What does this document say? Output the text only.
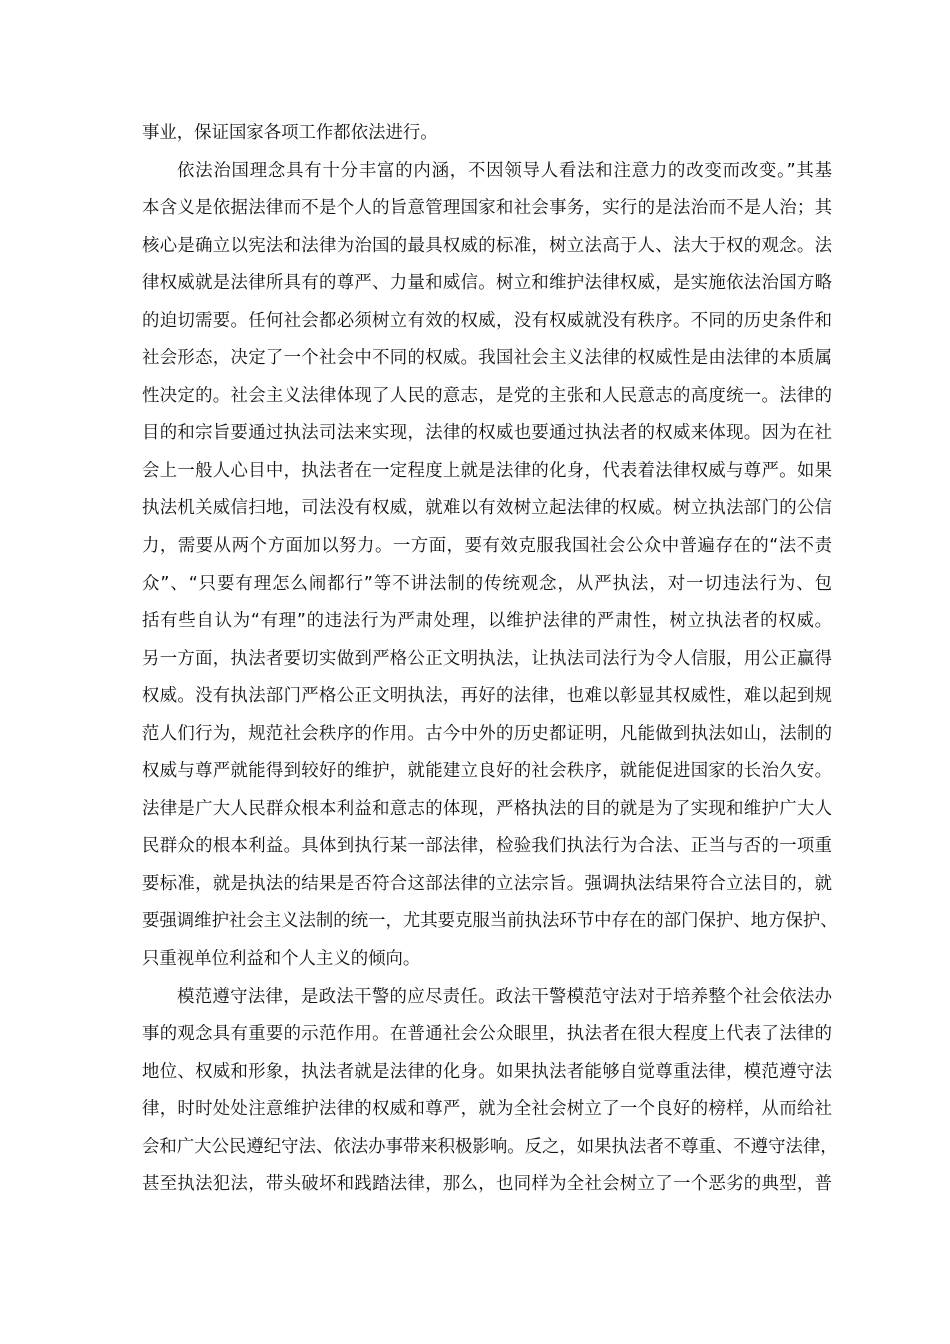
事业，保证国家各项工作都依法进行。
依法治国理念具有十分丰富的内涵，不因领导人看法和注意力的改变而改变。”其基
本含义是依据法律而不是个人的旨意管理国家和社会事务，实行的是法治而不是人治；其
核心是确立以宪法和法律为治国的最具权威的标准，树立法高于人、法大于权的观念。法
律权威就是法律所具有的尊严、力量和威信。树立和维护法律权威，是实施依法治国方略
的迫切需要。任何社会都必须树立有效的权威，没有权威就没有秩序。不同的历史条件和
社会形态，决定了一个社会中不同的权威。我国社会主义法律的权威性是由法律的本质属
性决定的。社会主义法律体现了人民的意志，是党的主张和人民意志的高度统一。法律的
目的和宗旨要通过执法司法来实现，法律的权威也要通过执法者的权威来体现。因为在社
会上一般人心目中，执法者在一定程度上就是法律的化身，代表着法律权威与尊严。如果
执法机关威信扫地，司法没有权威，就难以有效树立起法律的权威。树立执法部门的公信
力，需要从两个方面加以努力。一方面，要有效克服我国社会公众中普遍存在的“法不责
众”、“只要有理怎么闹都行”等不讲法制的传统观念，从严执法，对一切违法行为、包
括有些自认为“有理”的违法行为严肃处理，以维护法律的严肃性，树立执法者的权威。
另一方面，执法者要切实做到严格公正文明执法，让执法司法行为令人信服，用公正赢得
权威。没有执法部门严格公正文明执法，再好的法律，也难以彰显其权威性，难以起到规
范人们行为，规范社会秩序的作用。古今中外的历史都证明，凡能做到执法如山，法制的
权威与尊严就能得到较好的维护，就能建立良好的社会秩序，就能促进国家的长治久安。
法律是广大人民群众根本利益和意志的体现，严格执法的目的就是为了实现和维护广大人
民群众的根本利益。具体到执行某一部法律，检验我们执法行为合法、正当与否的一项重
要标准，就是执法的结果是否符合这部法律的立法宗旨。强调执法结果符合立法目的，就
要强调维护社会主义法制的统一，尤其要克服当前执法环节中存在的部门保护、地方保护、
只重视单位利益和个人主义的倾向。
模范遵守法律，是政法干警的应尽责任。政法干警模范守法对于培养整个社会依法办
事的观念具有重要的示范作用。在普通社会公众眼里，执法者在很大程度上代表了法律的
地位、权威和形象，执法者就是法律的化身。如果执法者能够自觉尊重法律，模范遵守法
律，时时处处注意维护法律的权威和尊严，就为全社会树立了一个良好的榜样，从而给社
会和广大公民遵纪守法、依法办事带来积极影响。反之，如果执法者不尊重、不遵守法律，
甚至执法犯法，带头破坏和践踏法律，那么，也同样为全社会树立了一个恶劣的典型，普
